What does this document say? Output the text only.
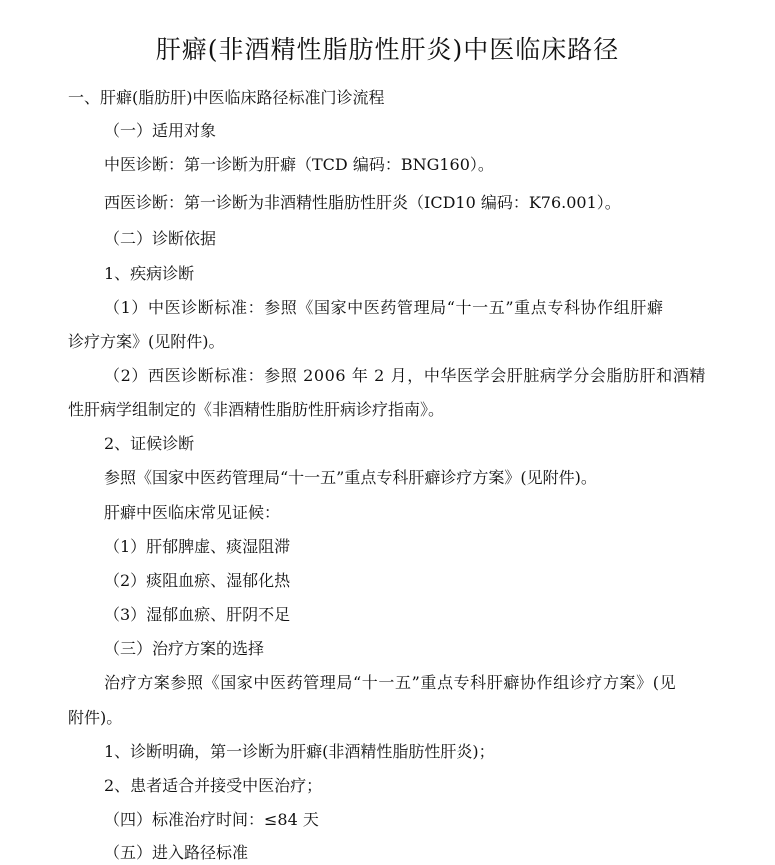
肝癖(非酒精性脂肪性肝炎)中医临床路径
一、肝癖(脂肪肝)中医临床路径标准门诊流程
（一）适用对象
中医诊断：第一诊断为肝癖（TCD 编码：BNG160）。
西医诊断：第一诊断为非酒精性脂肪性肝炎（ICD10 编码：K76.001）。
（二）诊断依据
1、疾病诊断
（1）中医诊断标准：参照《国家中医药管理局“十一五”重点专科协作组肝癖
诊疗方案》(见附件)。
（2）西医诊断标准：参照 2006 年 2 月，中华医学会肝脏病学分会脂肪肝和酒精
性肝病学组制定的《非酒精性脂肪性肝病诊疗指南》。
2、证候诊断
参照《国家中医药管理局“十一五”重点专科肝癖诊疗方案》(见附件)。
肝癖中医临床常见证候：
（1）肝郁脾虚、痰湿阻滞
（2）痰阻血瘀、湿郁化热
（3）湿郁血瘀、肝阴不足
（三）治疗方案的选择
治疗方案参照《国家中医药管理局“十一五”重点专科肝癖协作组诊疗方案》(见
附件)。
1、诊断明确，第一诊断为肝癖(非酒精性脂肪性肝炎)；
2、患者适合并接受中医治疗；
（四）标准治疗时间：≤84 天
（五）进入路径标准
